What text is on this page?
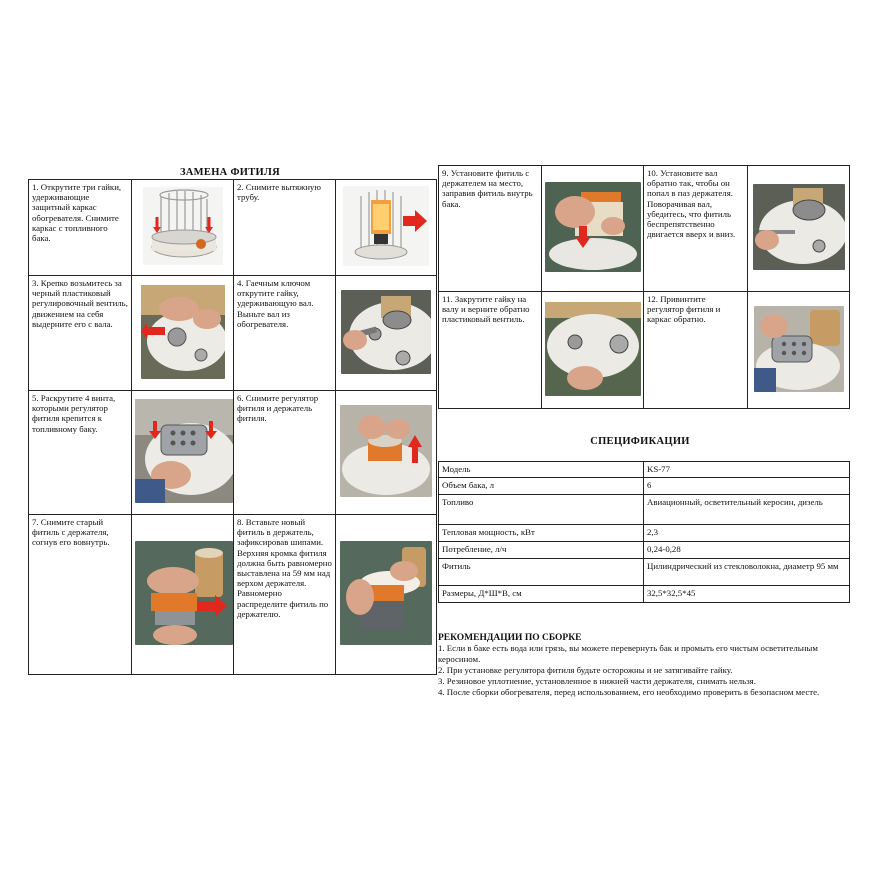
ЗАМЕНА ФИТИЛЯ
1. Открутите три гайки, удерживающие защитный каркас обогревателя. Снимите каркас с топливного бака.		2. Снимите вытяжную трубу.	

3. Крепко возьмитесь за черный пластиковый регулировочный вентиль, движением на себя выдерните его с вала.		4. Гаечным ключом открутите гайку, удерживающую вал. Выньте вал из обогревателя.	

5. Раскрутите 4 винта, которыми регулятор фитиля крепится к топливному баку.		6. Снимите регулятор фитиля и держатель фитиля.	

7. Снимите старый фитиль с держателя, согнув его вовнутрь.		8. Вставьте новый фитиль в держатель, зафиксировав шипами. Верхняя кромка фитиля должна быть равномерно выставлена на 59 мм над верхом держателя. Равномерно распределите фитиль по держателю.	
9. Установите фитиль с держателем на место, заправив фитиль внутрь бака.		10. Установите вал обратно так, чтобы он попал в паз держателя. Поворачивая вал, убедитесь, что фитиль беспрепятственно двигается вверх и вниз.	

11. Закрутите гайку на валу и верните обратно пластиковый вентиль.		12. Привинтите регулятор фитиля и каркас обратно.	
СПЕЦИФИКАЦИИ
Модель	KS-77
Объем бака, л	6
Топливо	Авиационный, осветительный керосин, дизель
Тепловая мощность, кВт	2,3
Потребление, л/ч	0,24-0,28
Фитиль	Цилиндрический из стекловолокна, диаметр 95 мм
Размеры, Д*Ш*В, см	32,5*32,5*45
РЕКОМЕНДАЦИИ ПО СБОРКЕ
1. Если в баке есть вода или грязь, вы можете перевернуть бак и промыть его чистым осветительным керосином.
2. При установке регулятора фитиля будьте осторожны и не затягивайте гайку.
3. Резиновое уплотнение, установленное в нижней части держателя, снимать нельзя.
4. После сборки обогревателя, перед использованием, его необходимо проверить в безопасном месте.
